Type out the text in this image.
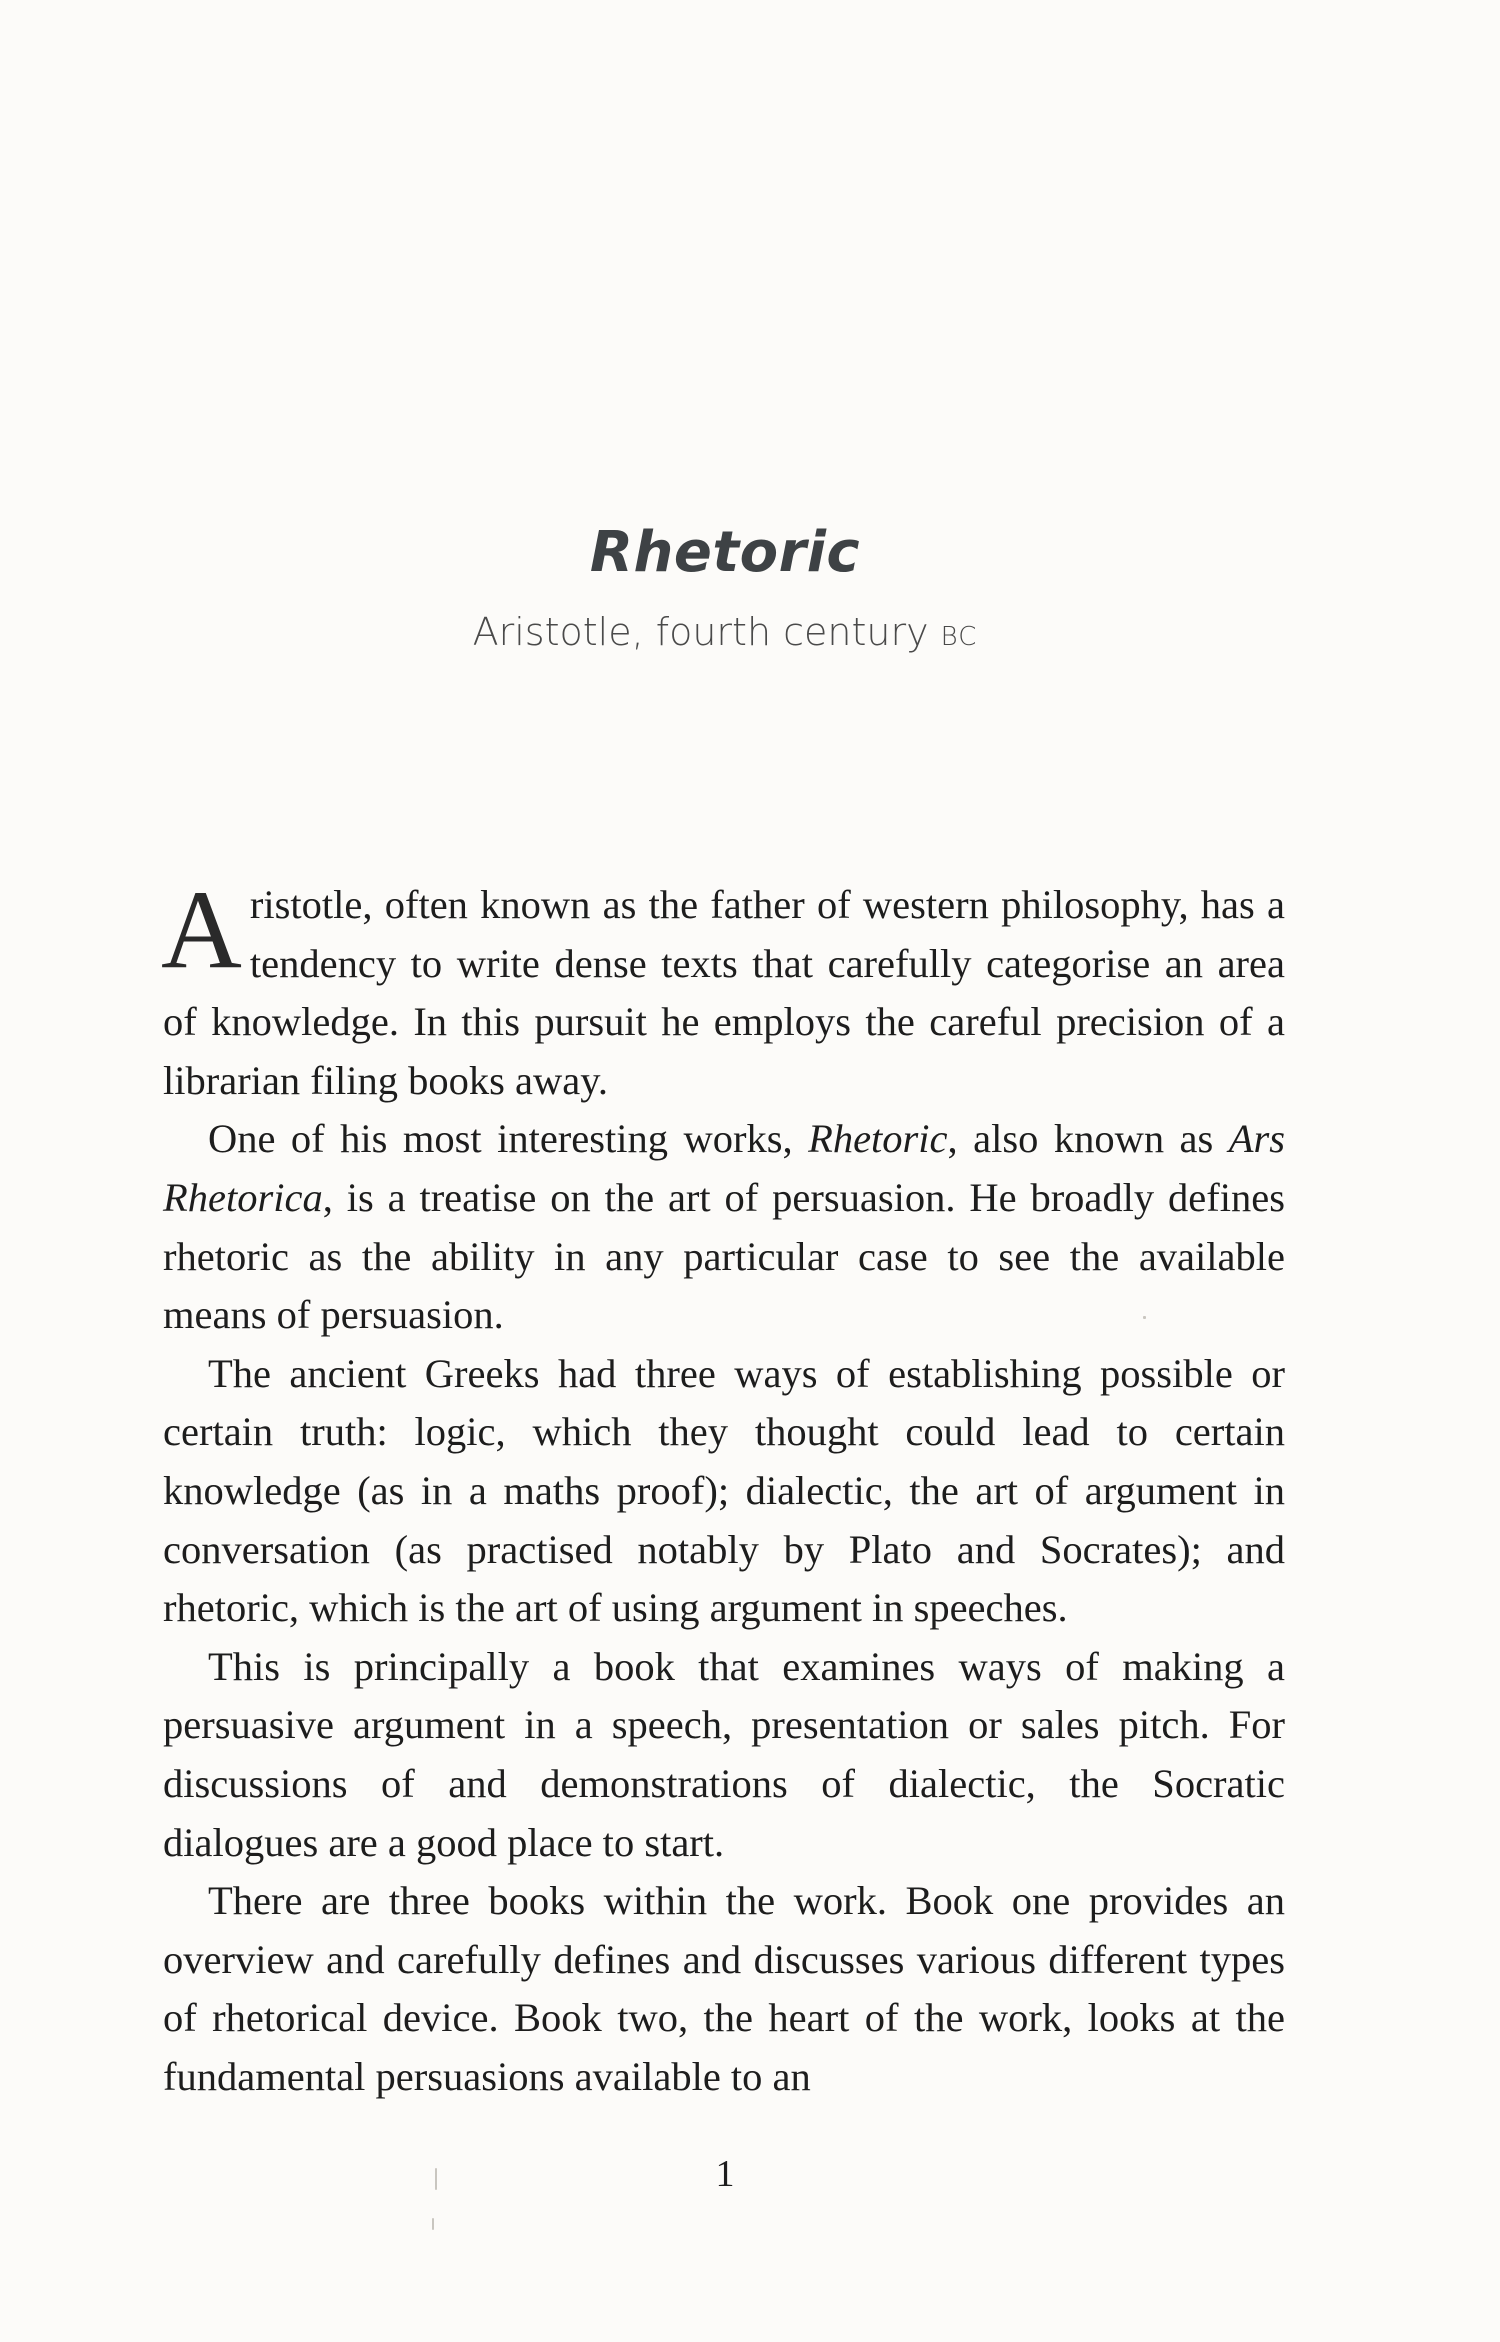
Rhetoric
Aristotle, fourth century BC

Aristotle, often known as the father of western philosophy, has a tendency to write dense texts that carefully categorise an area of knowledge. In this pursuit he employs the careful precision of a librarian filing books away.

One of his most interesting works, Rhetoric, also known as Ars Rhetorica, is a treatise on the art of persuasion. He broadly defines rhetoric as the ability in any particular case to see the available means of persuasion.

The ancient Greeks had three ways of establishing possible or certain truth: logic, which they thought could lead to certain knowledge (as in a maths proof); dialectic, the art of argument in conversation (as practised notably by Plato and Socrates); and rhetoric, which is the art of using argument in speeches.

This is principally a book that examines ways of making a persuasive argument in a speech, presentation or sales pitch. For discussions of and demonstrations of dialectic, the Socratic dialogues are a good place to start.

There are three books within the work. Book one provides an overview and carefully defines and discusses various different types of rhetorical device. Book two, the heart of the work, looks at the fundamental persuasions available to an

1
